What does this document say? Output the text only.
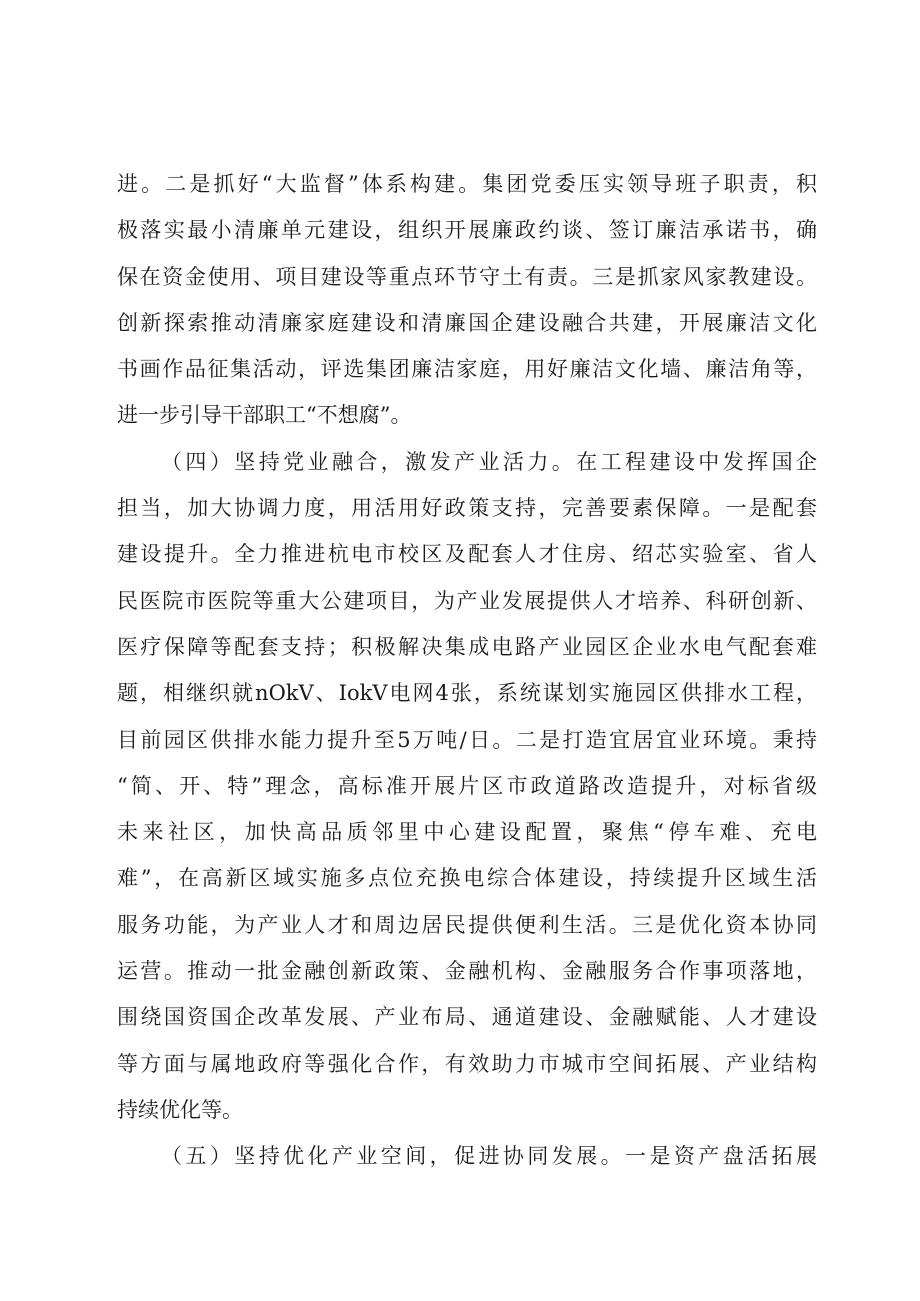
进。二是抓好“大监督”体系构建。集团党委压实领导班子职责，积
极落实最小清廉单元建设，组织开展廉政约谈、签订廉洁承诺书，确
保在资金使用、项目建设等重点环节守土有责。三是抓家风家教建设。
创新探索推动清廉家庭建设和清廉国企建设融合共建，开展廉洁文化
书画作品征集活动，评选集团廉洁家庭，用好廉洁文化墙、廉洁角等，
进一步引导干部职工“不想腐”。
（四）坚持党业融合，激发产业活力。在工程建设中发挥国企
担当，加大协调力度，用活用好政策支持，完善要素保障。一是配套
建设提升。全力推进杭电市校区及配套人才住房、绍芯实验室、省人
民医院市医院等重大公建项目，为产业发展提供人才培养、科研创新、
医疗保障等配套支持；积极解决集成电路产业园区企业水电气配套难
题，相继织就nOkV、IokV电网4张，系统谋划实施园区供排水工程，
目前园区供排水能力提升至5万吨/日。二是打造宜居宜业环境。秉持
“简、开、特”理念，高标准开展片区市政道路改造提升，对标省级
未来社区，加快高品质邻里中心建设配置，聚焦“停车难、充电
难”，在高新区域实施多点位充换电综合体建设，持续提升区域生活
服务功能，为产业人才和周边居民提供便利生活。三是优化资本协同
运营。推动一批金融创新政策、金融机构、金融服务合作事项落地，
围绕国资国企改革发展、产业布局、通道建设、金融赋能、人才建设
等方面与属地政府等强化合作，有效助力市城市空间拓展、产业结构
持续优化等。
（五）坚持优化产业空间，促进协同发展。一是资产盘活拓展
